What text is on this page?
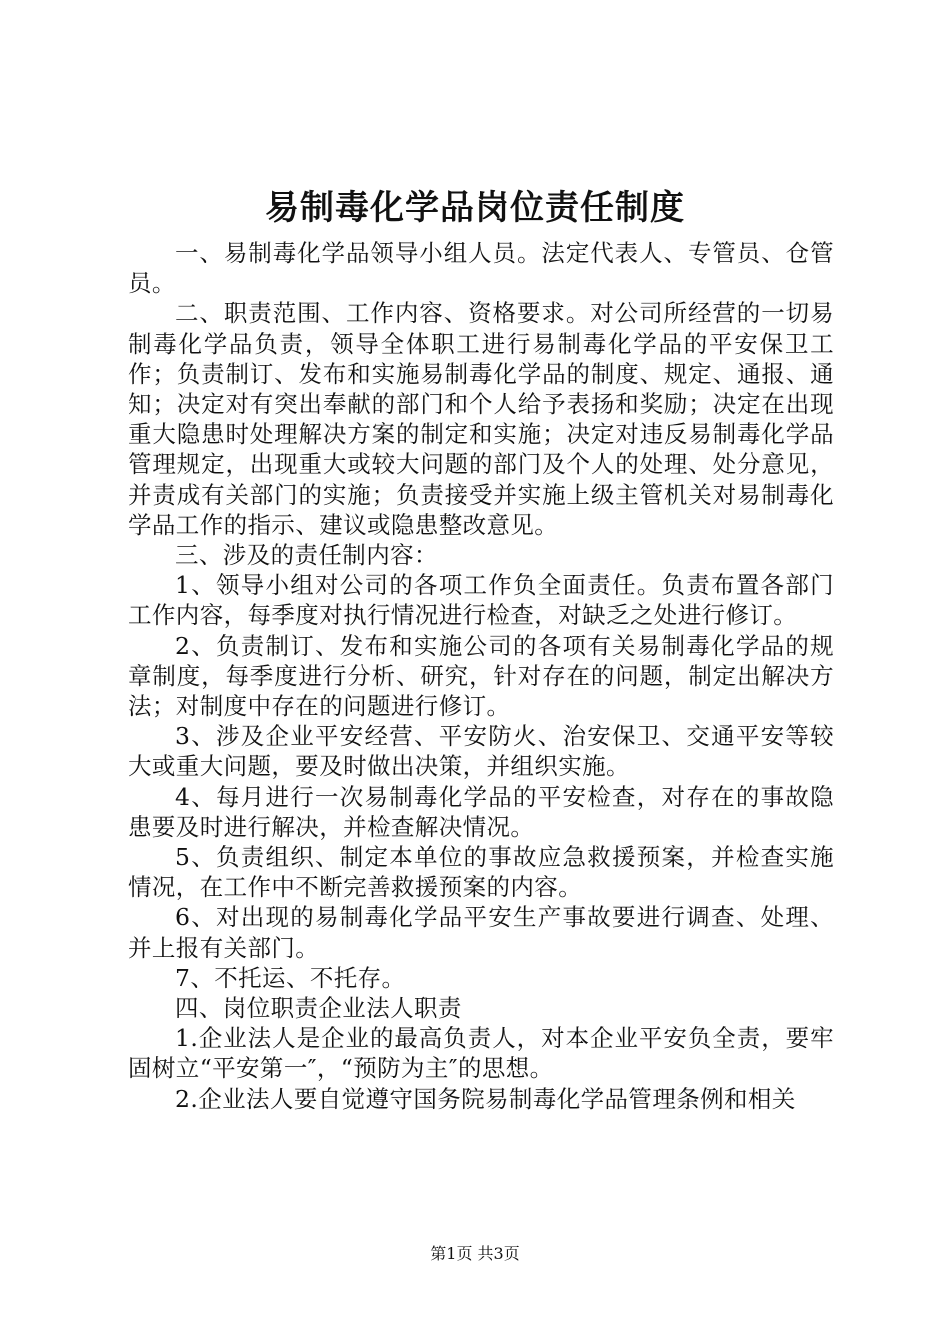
易制毒化学品岗位责任制度

一、易制毒化学品领导小组人员。法定代表人、专管员、仓管员。

二、职责范围、工作内容、资格要求。对公司所经营的一切易制毒化学品负责，领导全体职工进行易制毒化学品的平安保卫工作；负责制订、发布和实施易制毒化学品的制度、规定、通报、通知；决定对有突出奉献的部门和个人给予表扬和奖励；决定在出现重大隐患时处理解决方案的制定和实施；决定对违反易制毒化学品管理规定，出现重大或较大问题的部门及个人的处理、处分意见，并责成有关部门的实施；负责接受并实施上级主管机关对易制毒化学品工作的指示、建议或隐患整改意见。

三、涉及的责任制内容：

1、领导小组对公司的各项工作负全面责任。负责布置各部门工作内容，每季度对执行情况进行检查，对缺乏之处进行修订。

2、负责制订、发布和实施公司的各项有关易制毒化学品的规章制度，每季度进行分析、研究，针对存在的问题，制定出解决方法；对制度中存在的问题进行修订。

3、涉及企业平安经营、平安防火、治安保卫、交通平安等较大或重大问题，要及时做出决策，并组织实施。

4、每月进行一次易制毒化学品的平安检查，对存在的事故隐患要及时进行解决，并检查解决情况。

5、负责组织、制定本单位的事故应急救援预案，并检查实施情况，在工作中不断完善救援预案的内容。

6、对出现的易制毒化学品平安生产事故要进行调查、处理、并上报有关部门。

7、不托运、不托存。

四、岗位职责企业法人职责

1.企业法人是企业的最高负责人，对本企业平安负全责，要牢固树立“平安第一″，“预防为主″的思想。

2.企业法人要自觉遵守国务院易制毒化学品管理条例和相关

第1页 共3页
